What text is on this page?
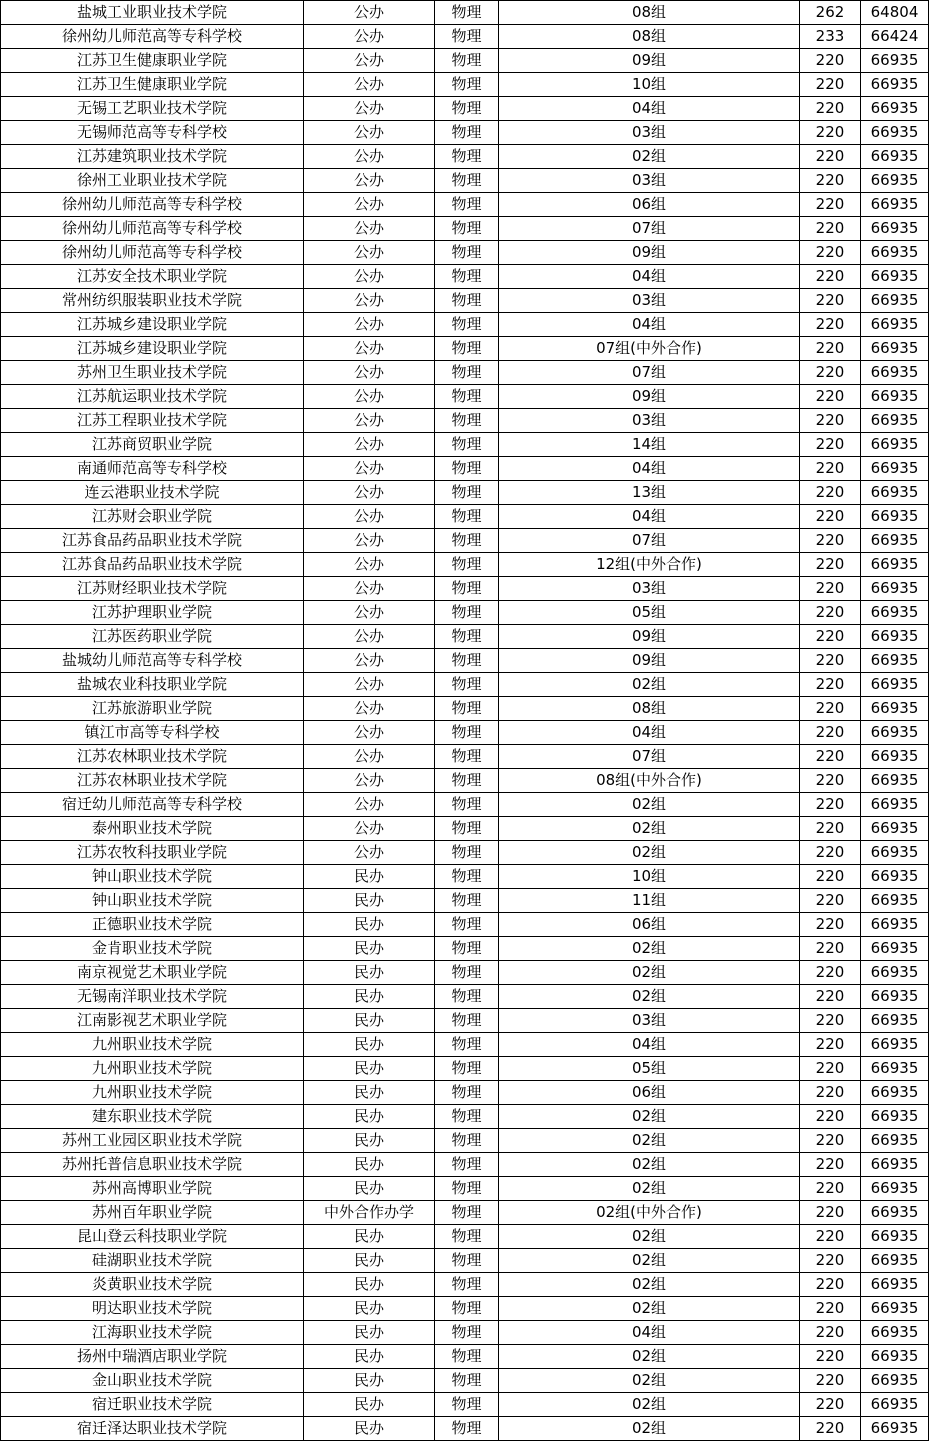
盐城工业职业技术学院	公办	物理	08组	262	64804
徐州幼儿师范高等专科学校	公办	物理	08组	233	66424
江苏卫生健康职业学院	公办	物理	09组	220	66935
江苏卫生健康职业学院	公办	物理	10组	220	66935
无锡工艺职业技术学院	公办	物理	04组	220	66935
无锡师范高等专科学校	公办	物理	03组	220	66935
江苏建筑职业技术学院	公办	物理	02组	220	66935
徐州工业职业技术学院	公办	物理	03组	220	66935
徐州幼儿师范高等专科学校	公办	物理	06组	220	66935
徐州幼儿师范高等专科学校	公办	物理	07组	220	66935
徐州幼儿师范高等专科学校	公办	物理	09组	220	66935
江苏安全技术职业学院	公办	物理	04组	220	66935
常州纺织服装职业技术学院	公办	物理	03组	220	66935
江苏城乡建设职业学院	公办	物理	04组	220	66935
江苏城乡建设职业学院	公办	物理	07组(中外合作)	220	66935
苏州卫生职业技术学院	公办	物理	07组	220	66935
江苏航运职业技术学院	公办	物理	09组	220	66935
江苏工程职业技术学院	公办	物理	03组	220	66935
江苏商贸职业学院	公办	物理	14组	220	66935
南通师范高等专科学校	公办	物理	04组	220	66935
连云港职业技术学院	公办	物理	13组	220	66935
江苏财会职业学院	公办	物理	04组	220	66935
江苏食品药品职业技术学院	公办	物理	07组	220	66935
江苏食品药品职业技术学院	公办	物理	12组(中外合作)	220	66935
江苏财经职业技术学院	公办	物理	03组	220	66935
江苏护理职业学院	公办	物理	05组	220	66935
江苏医药职业学院	公办	物理	09组	220	66935
盐城幼儿师范高等专科学校	公办	物理	09组	220	66935
盐城农业科技职业学院	公办	物理	02组	220	66935
江苏旅游职业学院	公办	物理	08组	220	66935
镇江市高等专科学校	公办	物理	04组	220	66935
江苏农林职业技术学院	公办	物理	07组	220	66935
江苏农林职业技术学院	公办	物理	08组(中外合作)	220	66935
宿迁幼儿师范高等专科学校	公办	物理	02组	220	66935
泰州职业技术学院	公办	物理	02组	220	66935
江苏农牧科技职业学院	公办	物理	02组	220	66935
钟山职业技术学院	民办	物理	10组	220	66935
钟山职业技术学院	民办	物理	11组	220	66935
正德职业技术学院	民办	物理	06组	220	66935
金肯职业技术学院	民办	物理	02组	220	66935
南京视觉艺术职业学院	民办	物理	02组	220	66935
无锡南洋职业技术学院	民办	物理	02组	220	66935
江南影视艺术职业学院	民办	物理	03组	220	66935
九州职业技术学院	民办	物理	04组	220	66935
九州职业技术学院	民办	物理	05组	220	66935
九州职业技术学院	民办	物理	06组	220	66935
建东职业技术学院	民办	物理	02组	220	66935
苏州工业园区职业技术学院	民办	物理	02组	220	66935
苏州托普信息职业技术学院	民办	物理	02组	220	66935
苏州高博职业学院	民办	物理	02组	220	66935
苏州百年职业学院	中外合作办学	物理	02组(中外合作)	220	66935
昆山登云科技职业学院	民办	物理	02组	220	66935
硅湖职业技术学院	民办	物理	02组	220	66935
炎黄职业技术学院	民办	物理	02组	220	66935
明达职业技术学院	民办	物理	02组	220	66935
江海职业技术学院	民办	物理	04组	220	66935
扬州中瑞酒店职业学院	民办	物理	02组	220	66935
金山职业技术学院	民办	物理	02组	220	66935
宿迁职业技术学院	民办	物理	02组	220	66935
宿迁泽达职业技术学院	民办	物理	02组	220	66935
